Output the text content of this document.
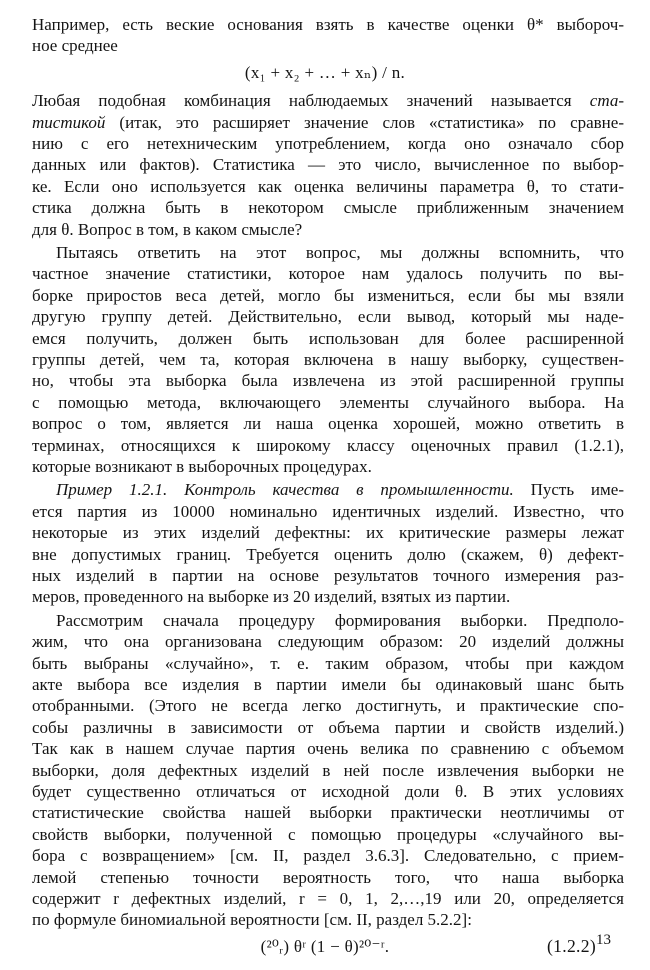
Например, есть веские основания взять в качестве оценки θ* выбороч-
ное среднее
(x₁ + x₂ + … + xₙ) / n.
Любая подобная комбинация наблюдаемых значений называется ста-
тистикой (итак, это расширяет значение слов «статистика» по сравне-
нию с его нетехническим употреблением, когда оно означало сбор
данных или фактов). Статистика — это число, вычисленное по выбор-
ке. Если оно используется как оценка величины параметра θ, то стати-
стика должна быть в некотором смысле приближенным значением
для θ. Вопрос в том, в каком смысле?
Пытаясь ответить на этот вопрос, мы должны вспомнить, что
частное значение статистики, которое нам удалось получить по вы-
борке приростов веса детей, могло бы измениться, если бы мы взяли
другую группу детей. Действительно, если вывод, который мы наде-
емся получить, должен быть использован для более расширенной
группы детей, чем та, которая включена в нашу выборку, существен-
но, чтобы эта выборка была извлечена из этой расширенной группы
с помощью метода, включающего элементы случайного выбора. На
вопрос о том, является ли наша оценка хорошей, можно ответить в
терминах, относящихся к широкому классу оценочных правил (1.2.1),
которые возникают в выборочных процедурах.
Пример 1.2.1. Контроль качества в промышленности. Пусть име-
ется партия из 10000 номинально идентичных изделий. Известно, что
некоторые из этих изделий дефектны: их критические размеры лежат
вне допустимых границ. Требуется оценить долю (скажем, θ) дефект-
ных изделий в партии на основе результатов точного измерения раз-
меров, проведенного на выборке из 20 изделий, взятых из партии.
Рассмотрим сначала процедуру формирования выборки. Предполо-
жим, что она организована следующим образом: 20 изделий должны
быть выбраны «случайно», т. е. таким образом, чтобы при каждом
акте выбора все изделия в партии имели бы одинаковый шанс быть
отобранными. (Этого не всегда легко достигнуть, и практические спо-
собы различны в зависимости от объема партии и свойств изделий.)
Так как в нашем случае партия очень велика по сравнению с объемом
выборки, доля дефектных изделий в ней после извлечения выборки не
будет существенно отличаться от исходной доли θ. В этих условиях
статистические свойства нашей выборки практически неотличимы от
свойств выборки, полученной с помощью процедуры «случайного вы-
бора с возвращением» [см. II, раздел 3.6.3]. Следовательно, с прием-
лемой степенью точности вероятность того, что наша выборка
содержит r дефектных изделий, r = 0, 1, 2,…,19 или 20, определяется
по формуле биномиальной вероятности [см. II, раздел 5.2.2]:
(²⁰ᵣ) θʳ (1 − θ)²⁰⁻ʳ.	(1.2.2) 13
